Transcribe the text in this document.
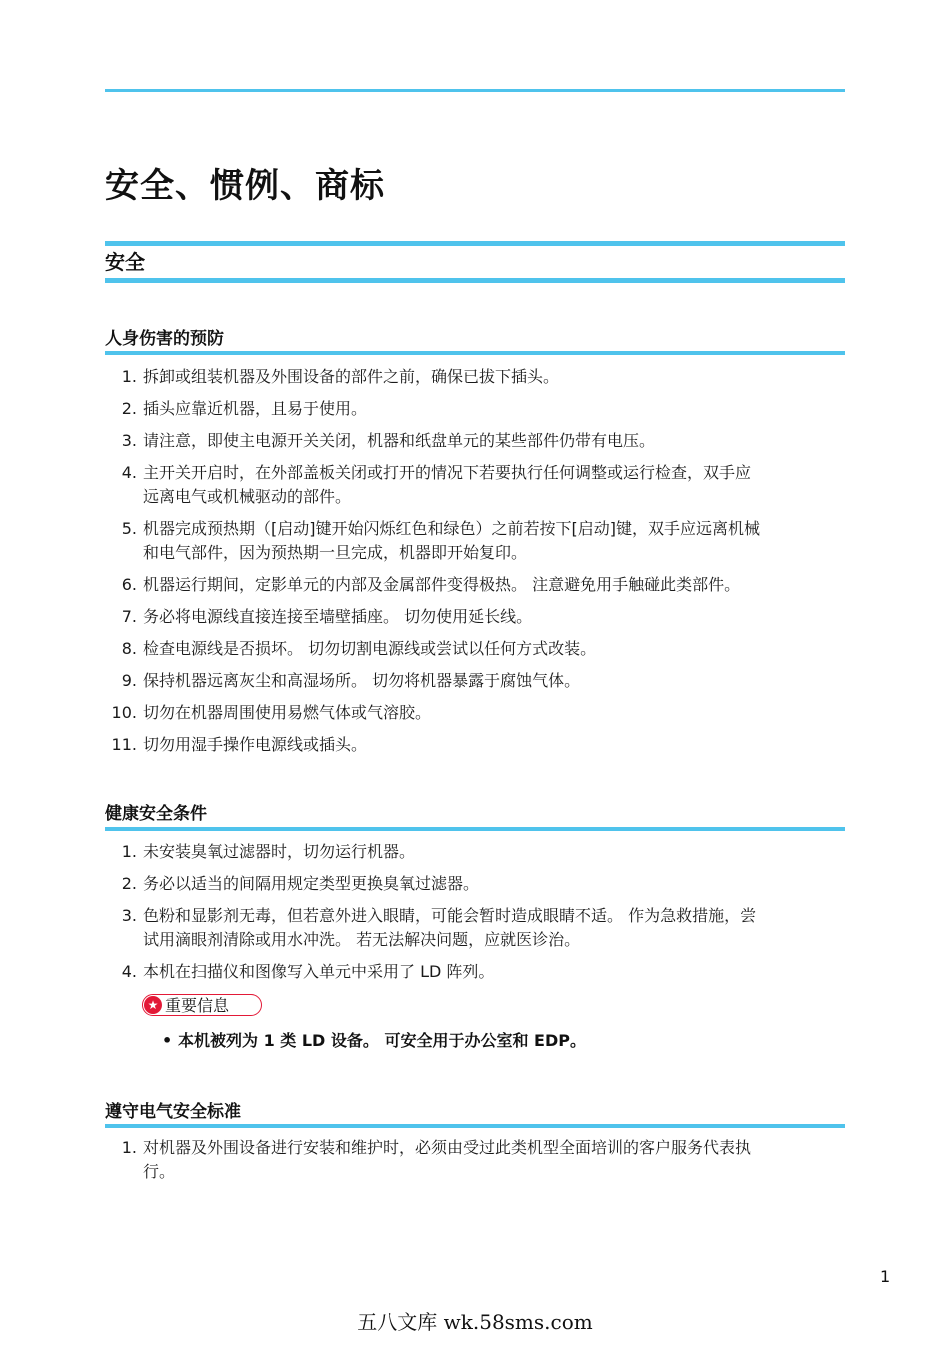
安全、惯例、商标
安全
人身伤害的预防
1. 拆卸或组装机器及外围设备的部件之前，确保已拔下插头。
2. 插头应靠近机器，且易于使用。
3. 请注意，即使主电源开关关闭，机器和纸盘单元的某些部件仍带有电压。
4. 主开关开启时，在外部盖板关闭或打开的情况下若要执行任何调整或运行检查，双手应
远离电气或机械驱动的部件。
5. 机器完成预热期（[启动]键开始闪烁红色和绿色）之前若按下[启动]键，双手应远离机械
和电气部件，因为预热期一旦完成，机器即开始复印。
6. 机器运行期间，定影单元的内部及金属部件变得极热。 注意避免用手触碰此类部件。
7. 务必将电源线直接连接至墙壁插座。 切勿使用延长线。
8. 检查电源线是否损坏。 切勿切割电源线或尝试以任何方式改装。
9. 保持机器远离灰尘和高湿场所。 切勿将机器暴露于腐蚀气体。
10. 切勿在机器周围使用易燃气体或气溶胶。
11. 切勿用湿手操作电源线或插头。
健康安全条件
1. 未安装臭氧过滤器时，切勿运行机器。
2. 务必以适当的间隔用规定类型更换臭氧过滤器。
3. 色粉和显影剂无毒，但若意外进入眼睛，可能会暂时造成眼睛不适。 作为急救措施，尝
试用滴眼剂清除或用水冲洗。 若无法解决问题，应就医诊治。
4. 本机在扫描仪和图像写入单元中采用了 LD 阵列。
★ 重要信息
• 本机被列为 1 类 LD 设备。 可安全用于办公室和 EDP。
遵守电气安全标准
1. 对机器及外围设备进行安装和维护时，必须由受过此类机型全面培训的客户服务代表执
行。
1
五八文库 wk.58sms.com
